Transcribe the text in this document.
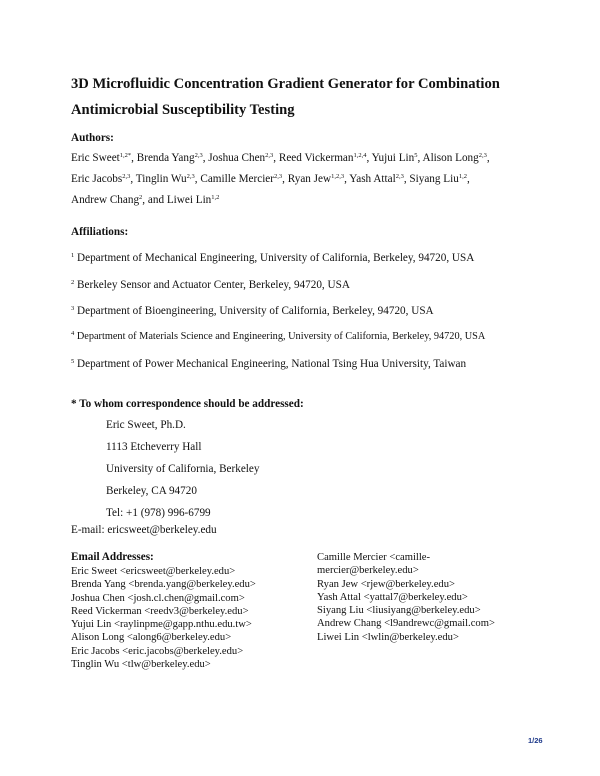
3D Microfluidic Concentration Gradient Generator for Combination Antimicrobial Susceptibility Testing
Authors:
Eric Sweet$^{1,2*}$, Brenda Yang$^{2,3}$, Joshua Chen$^{2,3}$, Reed Vickerman$^{1,2,4}$, Yujui Lin$^5$, Alison Long$^{2,3}$,
Eric Jacobs$^{2,3}$, Tinglin Wu$^{2,3}$, Camille Mercier$^{2,3}$, Ryan Jew$^{1,2,3}$, Yash Attal$^{2,3}$, Siyang Liu$^{1,2}$,
Andrew Chang$^2$, and Liwei Lin$^{1,2}$
Affiliations:
$^1$ Department of Mechanical Engineering, University of California, Berkeley, 94720, USA
$^2$ Berkeley Sensor and Actuator Center, Berkeley, 94720, USA
$^3$ Department of Bioengineering, University of California, Berkeley, 94720, USA
$^4$ Department of Materials Science and Engineering, University of California, Berkeley, 94720, USA
$^5$ Department of Power Mechanical Engineering, National Tsing Hua University, Taiwan
* To whom correspondence should be addressed:
Eric Sweet, Ph.D.
1113 Etcheverry Hall
University of California, Berkeley
Berkeley, CA 94720
Tel: +1 (978) 996-6799
E-mail: ericsweet@berkeley.edu
Email Addresses:
Eric Sweet <ericsweet@berkeley.edu>
Brenda Yang <brenda.yang@berkeley.edu>
Joshua Chen <josh.cl.chen@gmail.com>
Reed Vickerman <reedv3@berkeley.edu>
Yujui Lin <raylinpme@gapp.nthu.edu.tw>
Alison Long <along6@berkeley.edu>
Eric Jacobs <eric.jacobs@berkeley.edu>
Tinglin Wu <tlw@berkeley.edu>
Camille Mercier <camille-
mercier@berkeley.edu>
Ryan Jew <rjew@berkeley.edu>
Yash Attal <yattal7@berkeley.edu>
Siyang Liu <liusiyang@berkeley.edu>
Andrew Chang <l9andrewc@gmail.com>
Liwei Lin <lwlin@berkeley.edu>
1/26
